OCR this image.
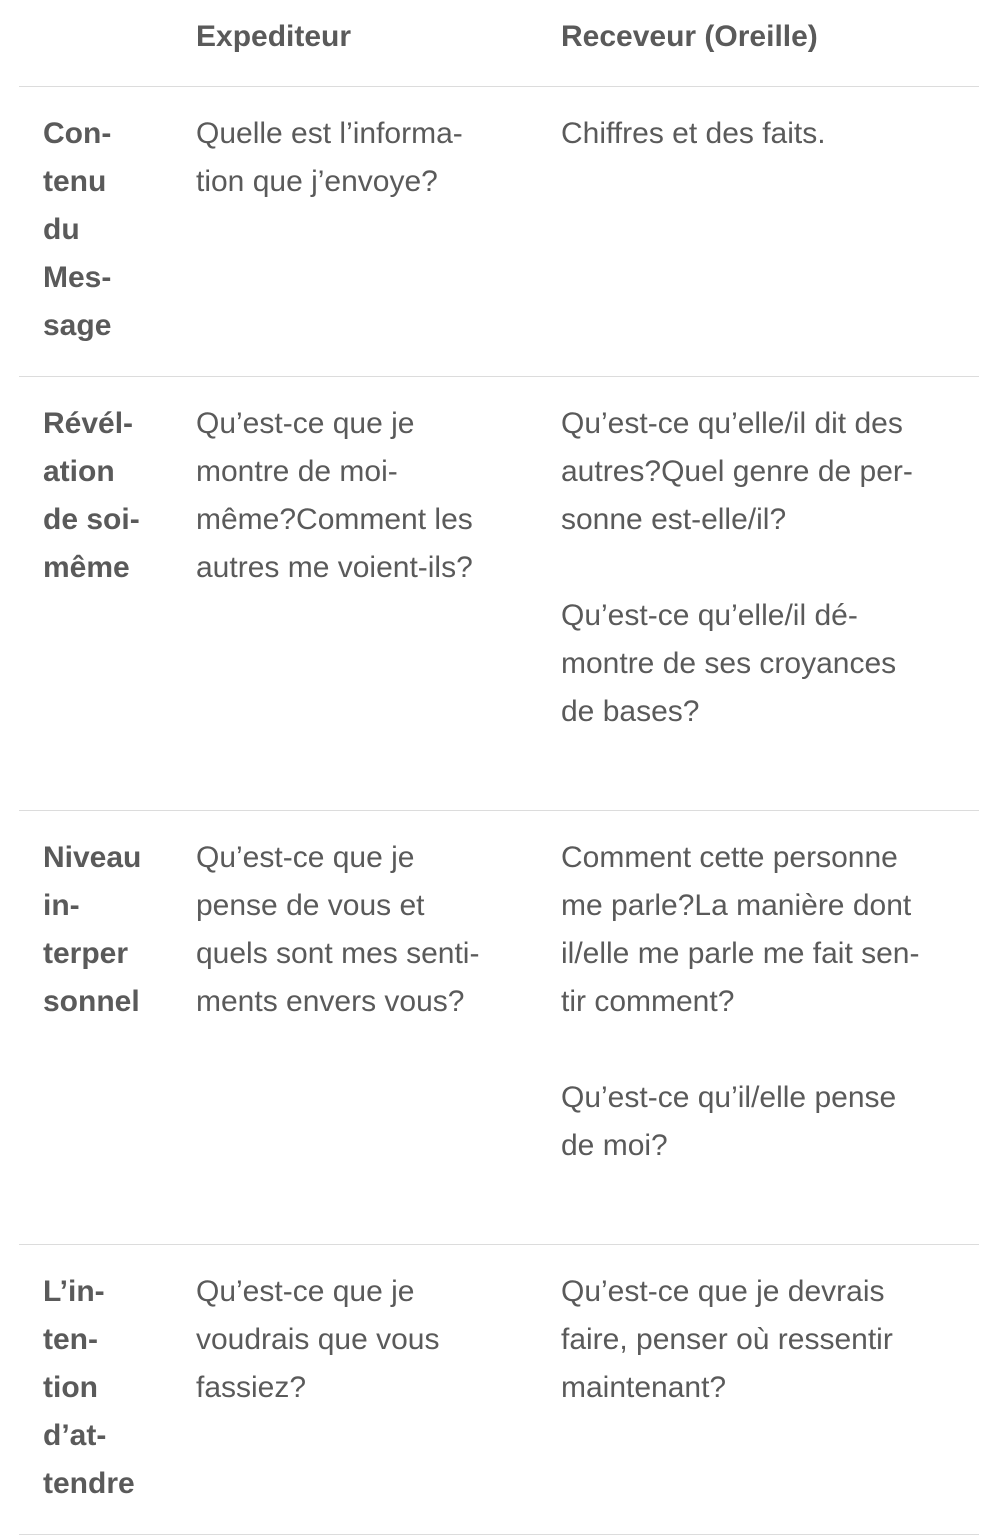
Expediteur	Receveur (Oreille)
Con-
tenu
du
Mes-
sage
Quelle est l’informa-
tion que j’envoye?
Chiffres et des faits.
Révél-
ation
de soi-
même
Qu’est-ce que je
montre de moi-
même?Comment les
autres me voient-ils?
Qu’est-ce qu’elle/il dit des
autres?Quel genre de per-
sonne est-elle/il?
Qu’est-ce qu’elle/il dé-
montre de ses croyances
de bases?
Niveau
in-
terper
sonnel
Qu’est-ce que je
pense de vous et
quels sont mes senti-
ments envers vous?
Comment cette personne
me parle?La manière dont
il/elle me parle me fait sen-
tir comment?
Qu’est-ce qu’il/elle pense
de moi?
L’in-
ten-
tion
d’at-
tendre
Qu’est-ce que je
voudrais que vous
fassiez?
Qu’est-ce que je devrais
faire, penser où ressentir
maintenant?
